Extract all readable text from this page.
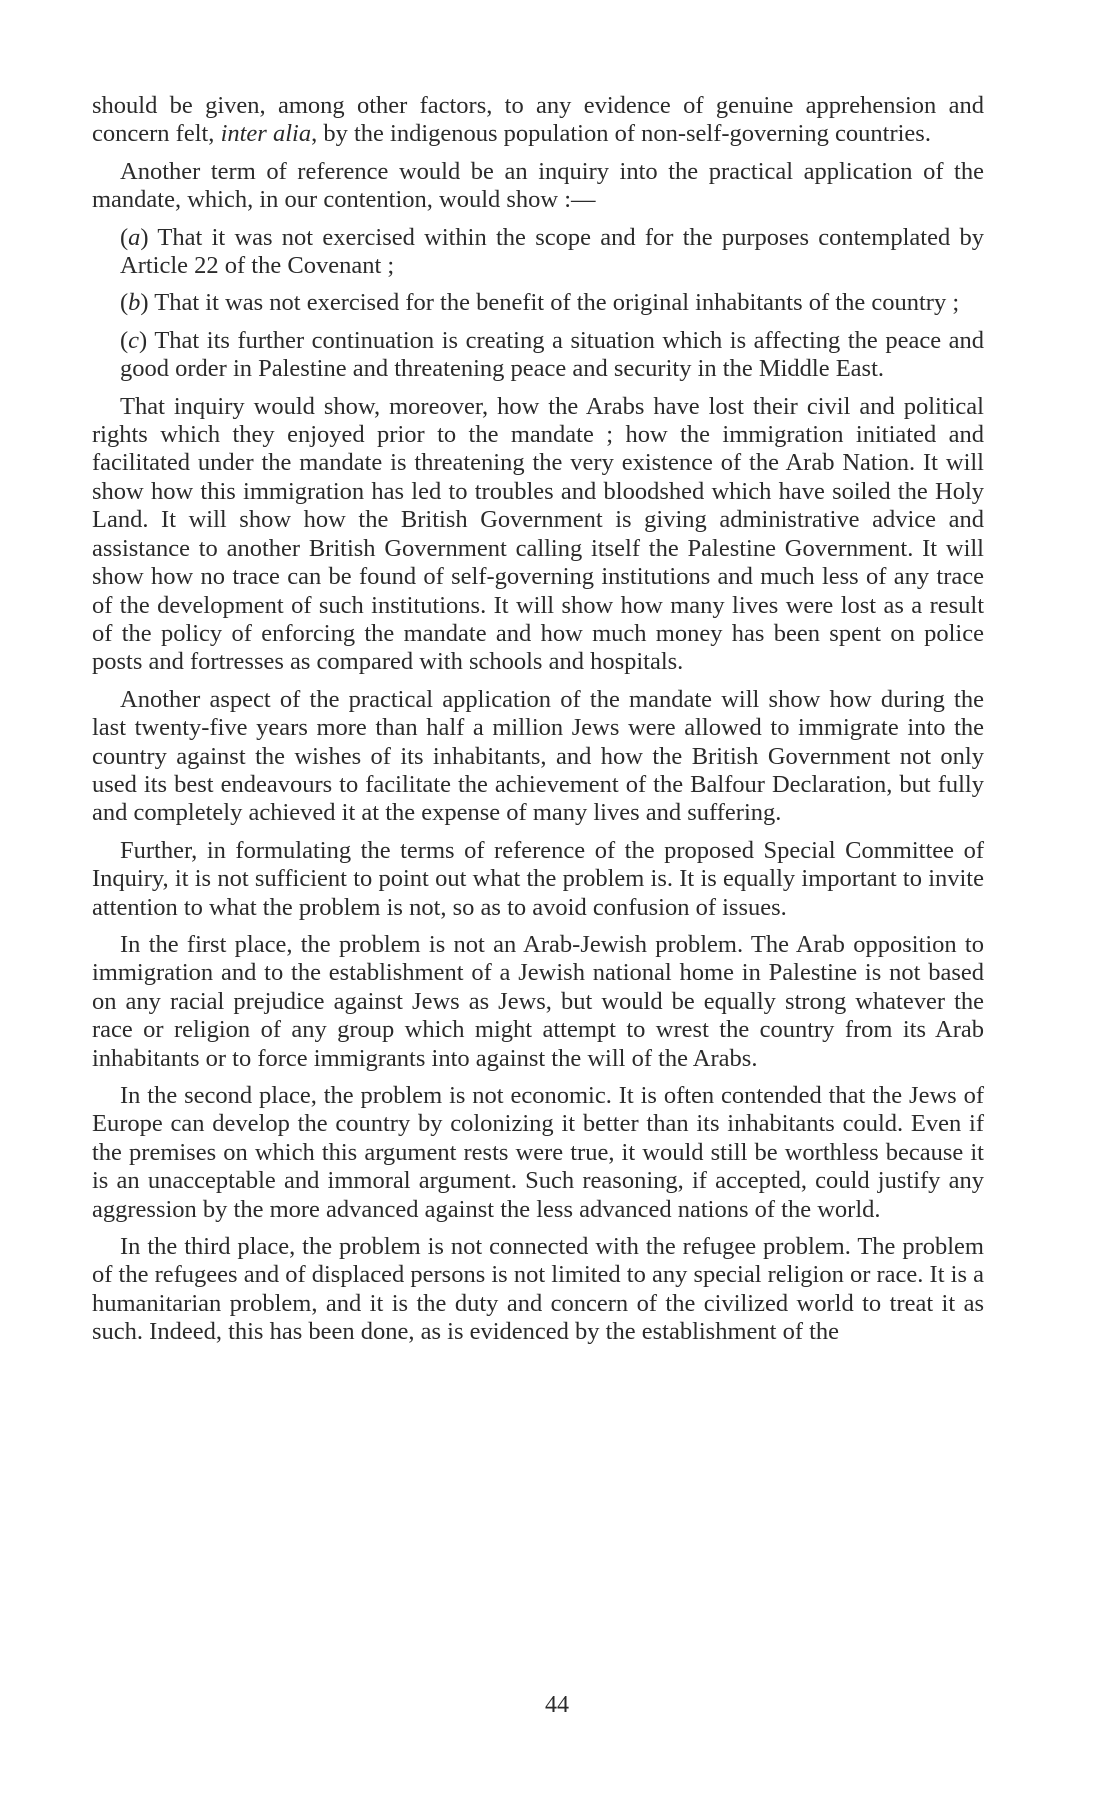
should be given, among other factors, to any evidence of genuine apprehension and concern felt, inter alia, by the indigenous population of non-self-governing countries.

Another term of reference would be an inquiry into the practical application of the mandate, which, in our contention, would show :—

(a) That it was not exercised within the scope and for the purposes contemplated by Article 22 of the Covenant ;

(b) That it was not exercised for the benefit of the original inhabitants of the country ;

(c) That its further continuation is creating a situation which is affecting the peace and good order in Palestine and threatening peace and security in the Middle East.

That inquiry would show, moreover, how the Arabs have lost their civil and political rights which they enjoyed prior to the mandate ; how the immigration initiated and facilitated under the mandate is threatening the very existence of the Arab Nation. It will show how this immigration has led to troubles and bloodshed which have soiled the Holy Land. It will show how the British Government is giving administrative advice and assistance to another British Government calling itself the Palestine Government. It will show how no trace can be found of self-governing institutions and much less of any trace of the development of such institutions. It will show how many lives were lost as a result of the policy of enforcing the mandate and how much money has been spent on police posts and fortresses as compared with schools and hospitals.

Another aspect of the practical application of the mandate will show how during the last twenty-five years more than half a million Jews were allowed to immigrate into the country against the wishes of its inhabitants, and how the British Government not only used its best endeavours to facilitate the achievement of the Balfour Declaration, but fully and completely achieved it at the expense of many lives and suffering.

Further, in formulating the terms of reference of the proposed Special Committee of Inquiry, it is not sufficient to point out what the problem is. It is equally important to invite attention to what the problem is not, so as to avoid confusion of issues.

In the first place, the problem is not an Arab-Jewish problem. The Arab opposition to immigration and to the establishment of a Jewish national home in Palestine is not based on any racial prejudice against Jews as Jews, but would be equally strong whatever the race or religion of any group which might attempt to wrest the country from its Arab inhabitants or to force immigrants into against the will of the Arabs.

In the second place, the problem is not economic. It is often contended that the Jews of Europe can develop the country by colonizing it better than its inhabitants could. Even if the premises on which this argument rests were true, it would still be worthless because it is an unacceptable and immoral argument. Such reasoning, if accepted, could justify any aggression by the more advanced against the less advanced nations of the world.

In the third place, the problem is not connected with the refugee problem. The problem of the refugees and of displaced persons is not limited to any special religion or race. It is a humanitarian problem, and it is the duty and concern of the civilized world to treat it as such. Indeed, this has been done, as is evidenced by the establishment of the

44
